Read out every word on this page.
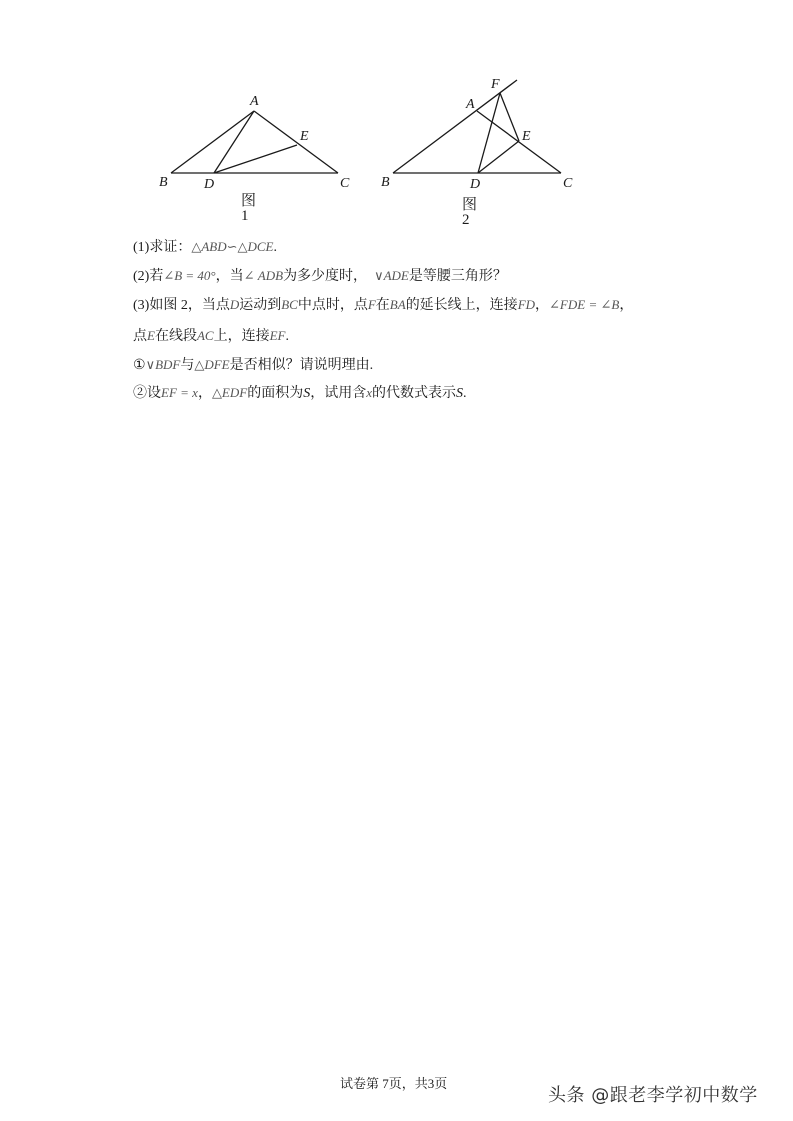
A
B	D	C
E
图1
F
A
B	D	C
E
图2
(1)求证：△ABD∽△DCE.
(2)若∠B = 40°，当∠ ADB为多少度时， ∨ADE是等腰三角形？
(3)如图 2，当点D运动到BC中点时，点F在BA的延长线上，连接FD，∠FDE = ∠B，
点E在线段AC上，连接EF.
①∨BDF与△DFE是否相似？请说明理由.
②设EF = x，△EDF的面积为S，试用含x的代数式表示S.
试卷第 7页，共3页
头条 @跟老李学初中数学
